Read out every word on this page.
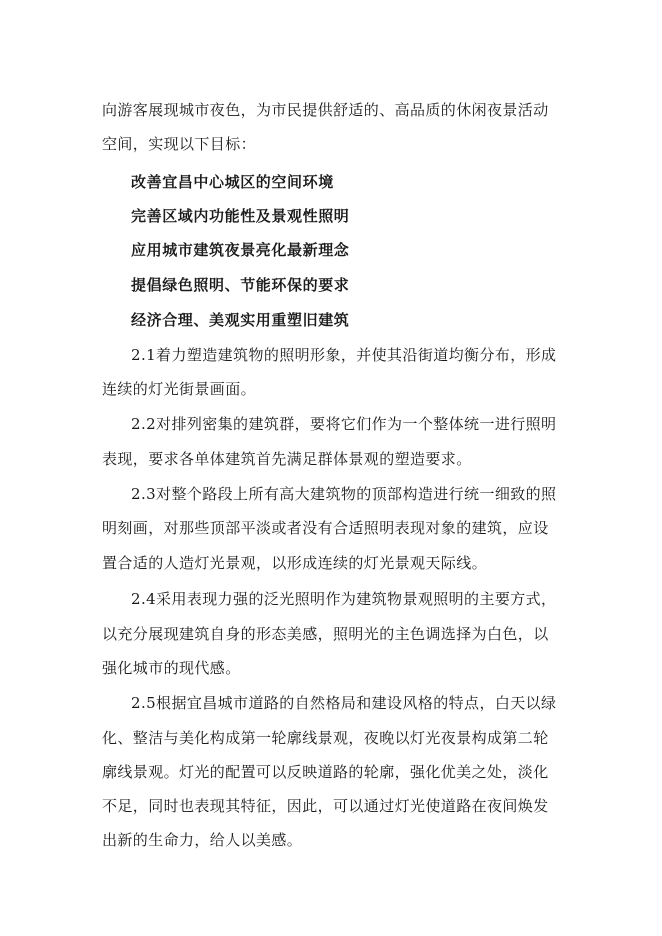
向游客展现城市夜色，为市民提供舒适的、高品质的休闲夜景活动
空间，实现以下目标：
改善宜昌中心城区的空间环境
完善区域内功能性及景观性照明
应用城市建筑夜景亮化最新理念
提倡绿色照明、节能环保的要求
经济合理、美观实用重塑旧建筑
2.1着力塑造建筑物的照明形象，并使其沿街道均衡分布，形成
连续的灯光街景画面。
2.2对排列密集的建筑群，要将它们作为一个整体统一进行照明
表现，要求各单体建筑首先满足群体景观的塑造要求。
2.3对整个路段上所有高大建筑物的顶部构造进行统一细致的照
明刻画，对那些顶部平淡或者没有合适照明表现对象的建筑，应设
置合适的人造灯光景观，以形成连续的灯光景观天际线。
2.4采用表现力强的泛光照明作为建筑物景观照明的主要方式，
以充分展现建筑自身的形态美感，照明光的主色调选择为白色，以
强化城市的现代感。
2.5根据宜昌城市道路的自然格局和建设风格的特点，白天以绿
化、整洁与美化构成第一轮廓线景观，夜晚以灯光夜景构成第二轮
廓线景观。灯光的配置可以反映道路的轮廓，强化优美之处，淡化
不足，同时也表现其特征，因此，可以通过灯光使道路在夜间焕发
出新的生命力，给人以美感。
